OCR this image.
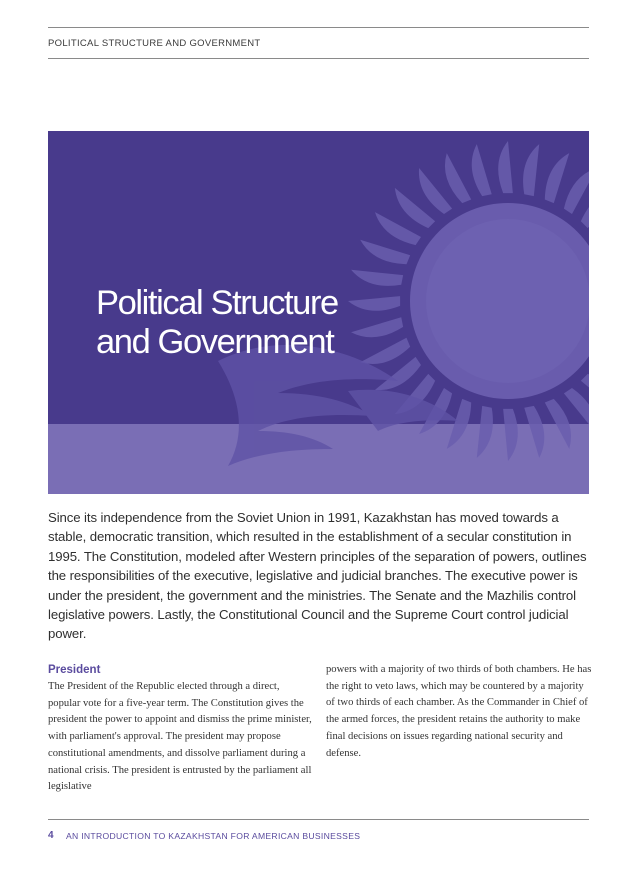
POLITICAL STRUCTURE AND GOVERNMENT
Political Structure
and Government
Since its independence from the Soviet Union in 1991, Kazakhstan has moved towards a stable, democratic transition, which resulted in the establishment of a secular constitution in 1995. The Constitution, modeled after Western principles of the separation of powers, outlines the responsibilities of the executive, legislative and judicial branches. The executive power is under the president, the government and the ministries. The Senate and the Mazhilis control legislative powers. Lastly, the Constitutional Council and the Supreme Court control judicial power.
President
The President of the Republic elected through a direct, popular vote for a five-year term. The Constitution gives the president the power to appoint and dismiss the prime minister, with parliament's approval. The president may propose constitutional amendments, and dissolve parliament during a national crisis. The president is entrusted by the parliament all legislative
powers with a majority of two thirds of both chambers. He has the right to veto laws, which may be countered by a majority of two thirds of each chamber. As the Commander in Chief of the armed forces, the president retains the authority to make final decisions on issues regarding national security and defense.
4 AN INTRODUCTION TO KAZAKHSTAN FOR AMERICAN BUSINESSES
